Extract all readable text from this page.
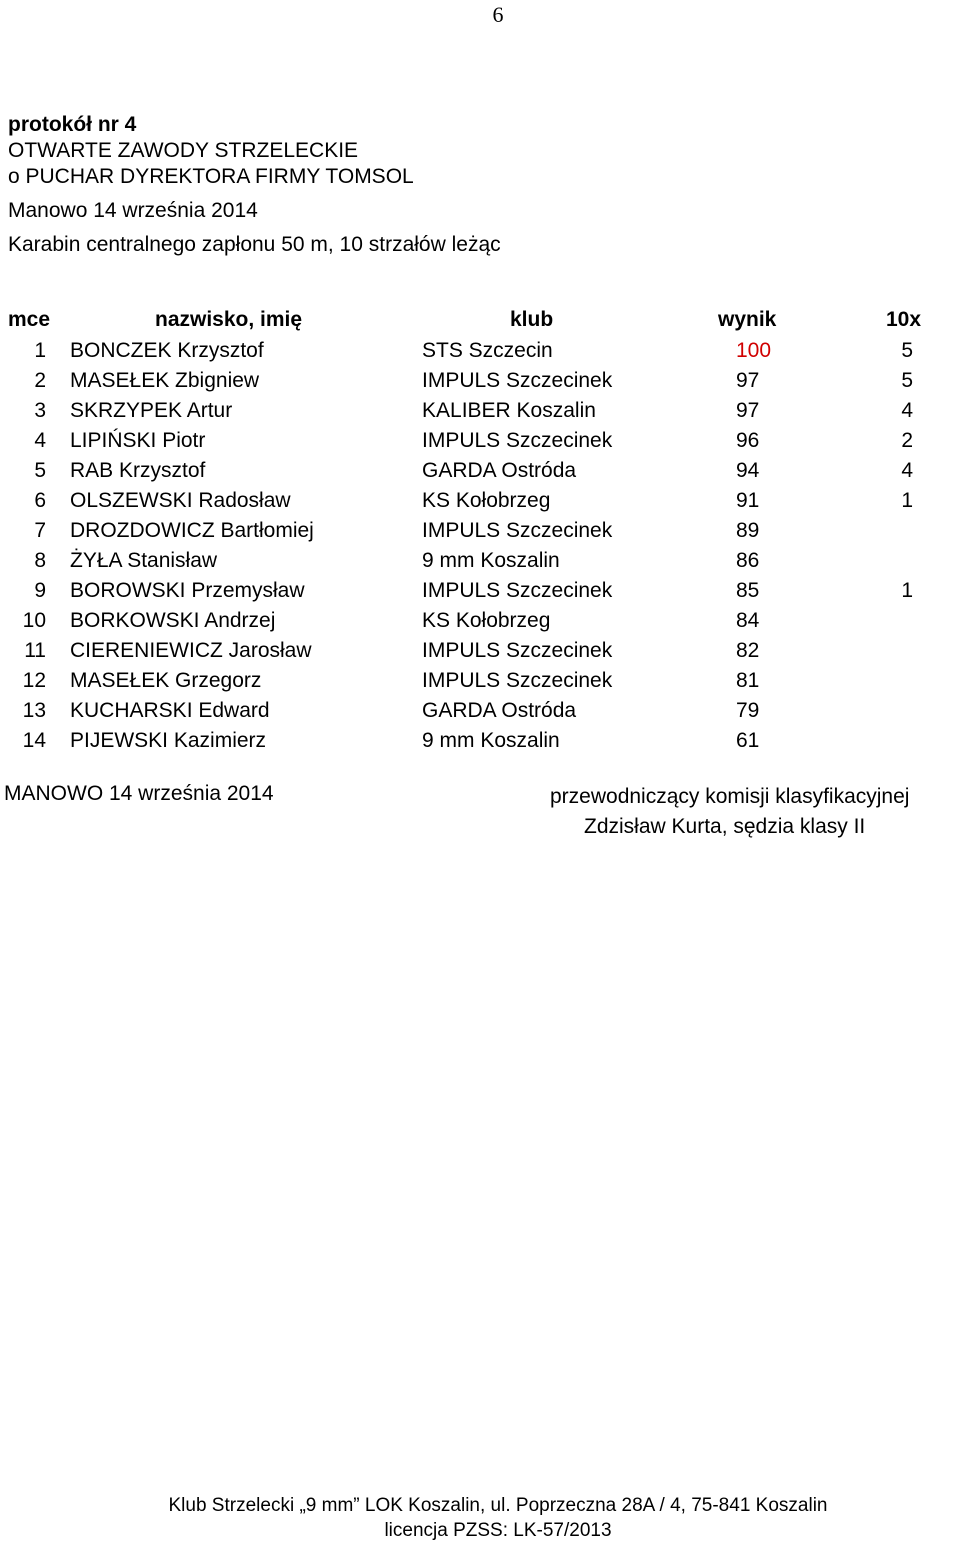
6
protokół nr 4
OTWARTE ZAWODY STRZELECKIE
o PUCHAR DYREKTORA FIRMY TOMSOL
Manowo 14 września 2014
Karabin centralnego zapłonu 50 m, 10 strzałów leżąc
mce	nazwisko, imię	klub	wynik	10x
1	BONCZEK Krzysztof	STS Szczecin	100	5
2	MASEŁEK Zbigniew	IMPULS Szczecinek	97	5
3	SKRZYPEK Artur	KALIBER Koszalin	97	4
4	LIPIŃSKI Piotr	IMPULS Szczecinek	96	2
5	RAB Krzysztof	GARDA Ostróda	94	4
6	OLSZEWSKI Radosław	KS Kołobrzeg	91	1
7	DROZDOWICZ Bartłomiej	IMPULS Szczecinek	89	
8	ŻYŁA Stanisław	9 mm Koszalin	86	
9	BOROWSKI Przemysław	IMPULS Szczecinek	85	1
10	BORKOWSKI Andrzej	KS Kołobrzeg	84	
11	CIERENIEWICZ Jarosław	IMPULS Szczecinek	82	
12	MASEŁEK Grzegorz	IMPULS Szczecinek	81	
13	KUCHARSKI Edward	GARDA Ostróda	79	
14	PIJEWSKI Kazimierz	9 mm Koszalin	61	
MANOWO 14 września 2014	przewodniczący komisji klasyfikacyjnej
Zdzisław Kurta, sędzia klasy II
Klub Strzelecki „9 mm” LOK Koszalin, ul. Poprzeczna 28A / 4, 75-841 Koszalin
licencja PZSS: LK-57/2013
